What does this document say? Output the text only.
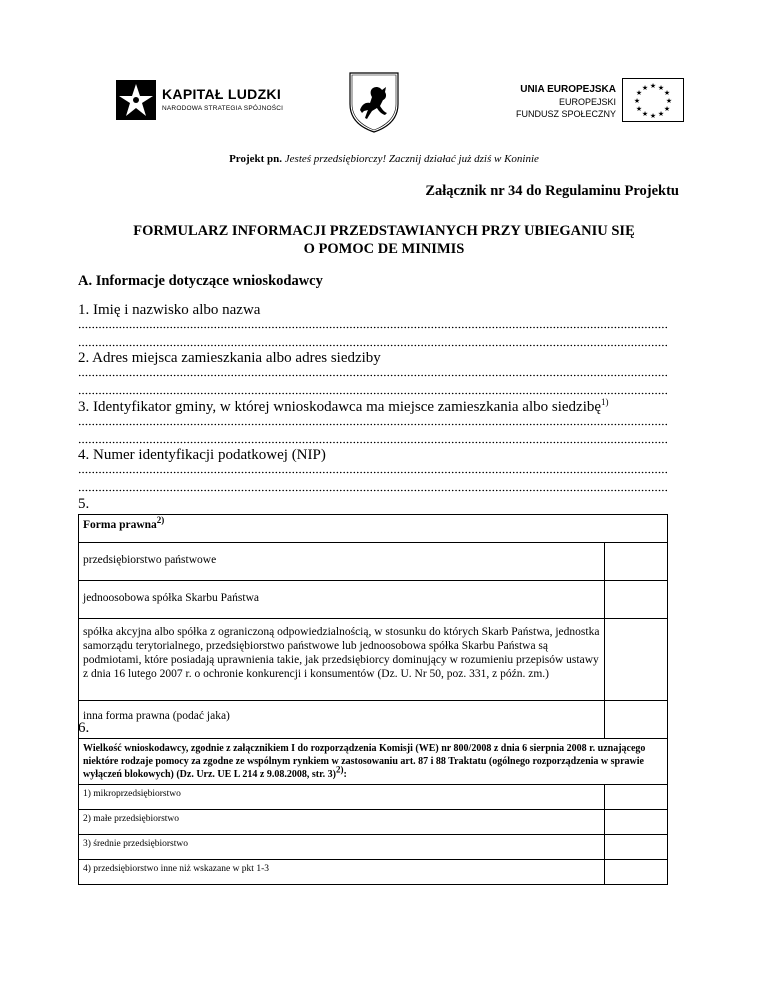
KAPITAŁ LUDZKI
NARODOWA STRATEGIA SPÓJNOŚCI
UNIA EUROPEJSKA
EUROPEJSKI
FUNDUSZ SPOŁECZNY
★ ★
★
★
★
★
★
★
★
★
★
★
Projekt pn. Jesteś przedsiębiorczy! Zacznij działać już dziś w Koninie
Załącznik nr 34 do Regulaminu Projektu
FORMULARZ INFORMACJI PRZEDSTAWIANYCH PRZY UBIEGANIU SIĘ
O POMOC DE MINIMIS
A. Informacje dotyczące wnioskodawcy
1. Imię i nazwisko albo nazwa
2. Adres miejsca zamieszkania albo adres siedziby
3. Identyfikator gminy, w której wnioskodawca ma miejsce zamieszkania albo siedzibę$^{1)}$
4. Numer identyfikacji podatkowej (NIP)
5.
Forma prawna$^{2)}$
przedsiębiorstwo państwowe	
jednoosobowa spółka Skarbu Państwa	
spółka akcyjna albo spółka z ograniczoną odpowiedzialnością, w stosunku do których Skarb Państwa, jednostka samorządu terytorialnego, przedsiębiorstwo państwowe lub jednoosobowa spółka Skarbu Państwa są podmiotami, które posiadają uprawnienia takie, jak przedsiębiorcy dominujący w rozumieniu przepisów ustawy z dnia 16 lutego 2007 r. o ochronie konkurencji i konsumentów (Dz. U. Nr 50, poz. 331, z późn. zm.)	
inna forma prawna (podać jaka)	
6.
Wielkość wnioskodawcy, zgodnie z załącznikiem I do rozporządzenia Komisji (WE) nr 800/2008 z dnia 6 sierpnia 2008 r. uznającego niektóre rodzaje pomocy za zgodne ze wspólnym rynkiem w zastosowaniu art. 87 i 88 Traktatu (ogólnego rozporządzenia w sprawie wyłączeń blokowych) (Dz. Urz. UE L 214 z 9.08.2008, str. 3)$^{2)}$:	
1) mikroprzedsiębiorstwo	
2) małe przedsiębiorstwo	
3) średnie przedsiębiorstwo	
4) przedsiębiorstwo inne niż wskazane w pkt 1-3	
